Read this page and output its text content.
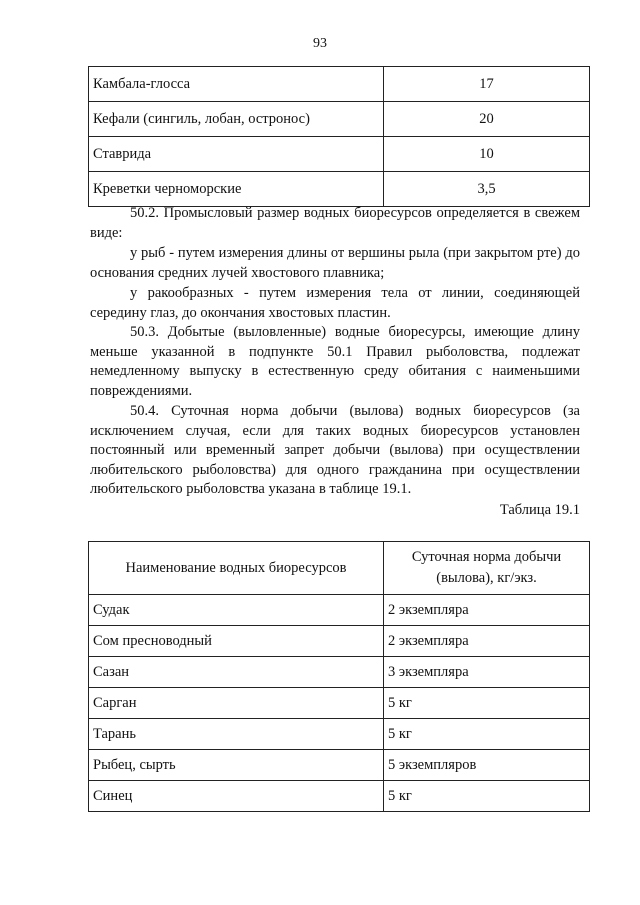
93
Камбала-глосса	17
Кефали (сингиль, лобан, остронос)	20
Ставрида	10
Креветки черноморские	3,5

50.2. Промысловый размер водных биоресурсов определяется в свежем виде:

у рыб - путем измерения длины от вершины рыла (при закрытом рте) до основания средних лучей хвостового плавника;

у ракообразных - путем измерения тела от линии, соединяющей середину глаз, до окончания хвостовых пластин.

50.3. Добытые (выловленные) водные биоресурсы, имеющие длину меньше указанной в подпункте 50.1 Правил рыболовства, подлежат немедленному выпуску в естественную среду обитания с наименьшими повреждениями.

50.4. Суточная норма добычи (вылова) водных биоресурсов (за исключением случая, если для таких водных биоресурсов установлен постоянный или временный запрет добычи (вылова) при осуществлении любительского рыболовства) для одного гражданина при осуществлении любительского рыболовства указана в таблице 19.1.

Таблица 19.1
Наименование водных биоресурсов	Суточная норма добычи (вылова), кг/экз.
Судак	2 экземпляра
Сом пресноводный	2 экземпляра
Сазан	3 экземпляра
Сарган	5 кг
Тарань	5 кг
Рыбец, сырть	5 экземпляров
Синец	5 кг
